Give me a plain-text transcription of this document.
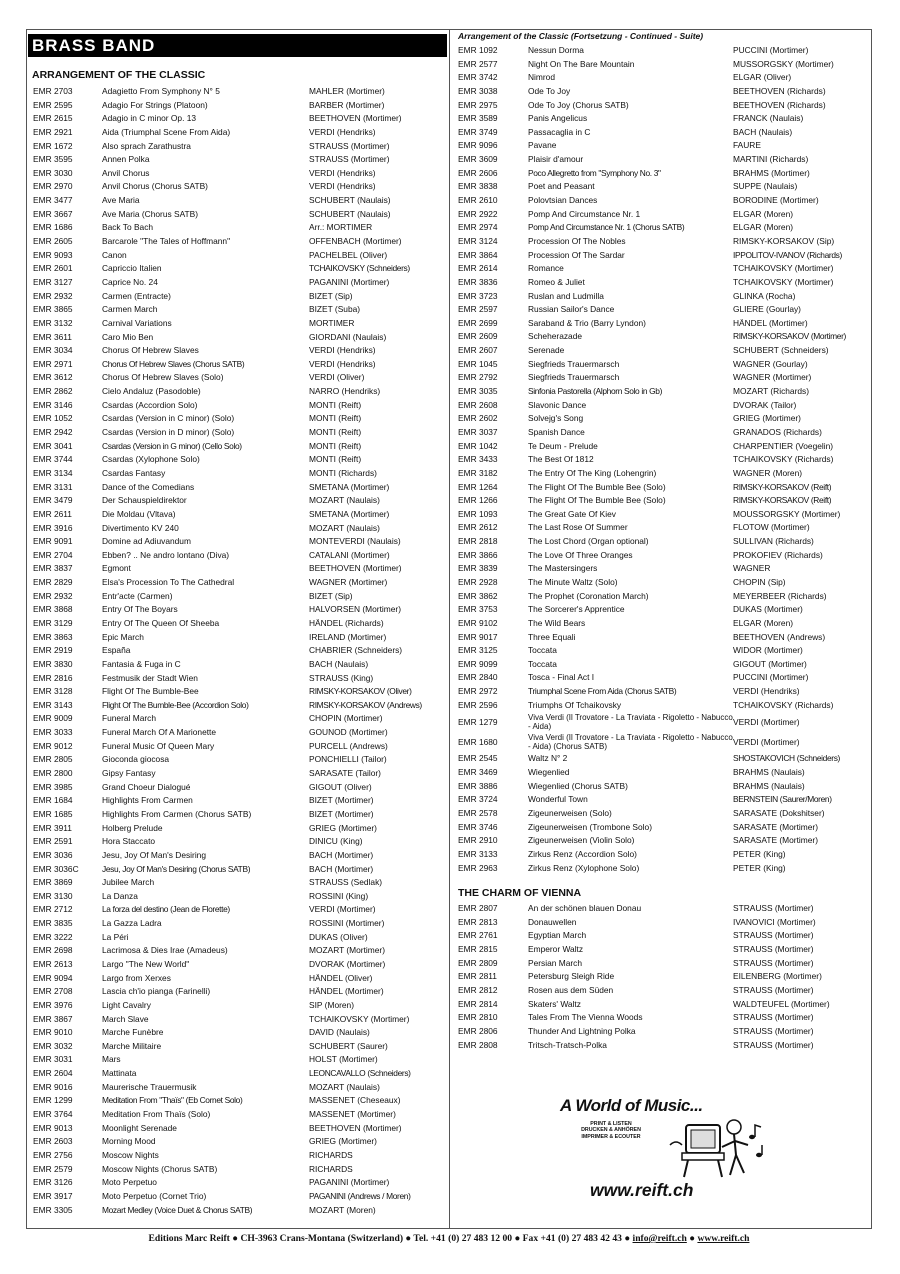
BRASS BAND
ARRANGEMENT OF THE CLASSIC
EMR 2703	Adagietto From Symphony N° 5	MAHLER (Mortimer)
EMR 2595	Adagio For Strings (Platoon)	BARBER (Mortimer)
EMR 2615	Adagio in C minor Op. 13	BEETHOVEN (Mortimer)
EMR 2921	Aida (Triumphal Scene From Aida)	VERDI (Hendriks)
EMR 1672	Also sprach Zarathustra	STRAUSS (Mortimer)
EMR 3595	Annen Polka	STRAUSS (Mortimer)
EMR 3030	Anvil Chorus	VERDI (Hendriks)
EMR 2970	Anvil Chorus (Chorus SATB)	VERDI (Hendriks)
EMR 3477	Ave Maria	SCHUBERT (Naulais)
EMR 3667	Ave Maria (Chorus SATB)	SCHUBERT (Naulais)
EMR 1686	Back To Bach	Arr.: MORTIMER
EMR 2605	Barcarole "The Tales of Hoffmann"	OFFENBACH (Mortimer)
EMR 9093	Canon	PACHELBEL (Oliver)
EMR 2601	Capriccio Italien	TCHAIKOVSKY (Schneiders)
EMR 3127	Caprice No. 24	PAGANINI (Mortimer)
EMR 2932	Carmen (Entracte)	BIZET (Sip)
EMR 3865	Carmen March	BIZET (Suba)
EMR 3132	Carnival Variations	MORTIMER
EMR 3611	Caro Mio Ben	GIORDANI (Naulais)
EMR 3034	Chorus Of Hebrew Slaves	VERDI (Hendriks)
EMR 2971	Chorus Of Hebrew Slaves (Chorus SATB)	VERDI (Hendriks)
EMR 3612	Chorus Of Hebrew Slaves (Solo)	VERDI (Oliver)
EMR 2862	Cielo Andaluz (Pasodoble)	NARRO (Hendriks)
EMR 3146	Csardas (Accordion Solo)	MONTI (Reift)
EMR 1052	Csardas (Version in C minor) (Solo)	MONTI (Reift)
EMR 2942	Csardas (Version in D minor) (Solo)	MONTI (Reift)
EMR 3041	Csardas (Version in G minor) (Cello Solo)	MONTI (Reift)
EMR 3744	Csardas (Xylophone Solo)	MONTI (Reift)
EMR 3134	Csardas Fantasy	MONTI (Richards)
EMR 3131	Dance of the Comedians	SMETANA (Mortimer)
EMR 3479	Der Schauspieldirektor	MOZART (Naulais)
EMR 2611	Die Moldau (Vltava)	SMETANA (Mortimer)
EMR 3916	Divertimento KV 240	MOZART (Naulais)
EMR 9091	Domine ad Adiuvandum	MONTEVERDI (Naulais)
EMR 2704	Ebben? .. Ne andro lontano (Diva)	CATALANI (Mortimer)
EMR 3837	Egmont	BEETHOVEN (Mortimer)
EMR 2829	Elsa's Procession To The Cathedral	WAGNER (Mortimer)
EMR 2932	Entr'acte (Carmen)	BIZET (Sip)
EMR 3868	Entry Of The Boyars	HALVORSEN (Mortimer)
EMR 3129	Entry Of The Queen Of Sheeba	HÄNDEL (Richards)
EMR 3863	Epic March	IRELAND (Mortimer)
EMR 2919	España	CHABRIER (Schneiders)
EMR 3830	Fantasia & Fuga in C	BACH (Naulais)
EMR 2816	Festmusik der Stadt Wien	STRAUSS (King)
EMR 3128	Flight Of The Bumble-Bee	RIMSKY-KORSAKOV (Oliver)
EMR 3143	Flight Of The Bumble-Bee (Accordion Solo)	RIMSKY-KORSAKOV (Andrews)
EMR 9009	Funeral March	CHOPIN (Mortimer)
EMR 3033	Funeral March Of A Marionette	GOUNOD (Mortimer)
EMR 9012	Funeral Music Of Queen Mary	PURCELL (Andrews)
EMR 2805	Gioconda giocosa	PONCHIELLI (Tailor)
EMR 2800	Gipsy Fantasy	SARASATE (Tailor)
EMR 3985	Grand Choeur Dialogué	GIGOUT (Oliver)
EMR 1684	Highlights From Carmen	BIZET (Mortimer)
EMR 1685	Highlights From Carmen (Chorus SATB)	BIZET (Mortimer)
EMR 3911	Holberg Prelude	GRIEG (Mortimer)
EMR 2591	Hora Staccato	DINICU (King)
EMR 3036	Jesu, Joy Of Man's Desiring	BACH (Mortimer)
EMR 3036C	Jesu, Joy Of Man's Desiring (Chorus SATB)	BACH (Mortimer)
EMR 3869	Jubilee March	STRAUSS (Sedlak)
EMR 3130	La Danza	ROSSINI (King)
EMR 2712	La forza del destino (Jean de Florette)	VERDI (Mortimer)
EMR 3835	La Gazza Ladra	ROSSINI (Mortimer)
EMR 3222	La Péri	DUKAS (Oliver)
EMR 2698	Lacrimosa & Dies Irae (Amadeus)	MOZART (Mortimer)
EMR 2613	Largo "The New World"	DVORAK (Mortimer)
EMR 9094	Largo from Xerxes	HÄNDEL (Oliver)
EMR 2708	Lascia ch'io pianga (Farinelli)	HÄNDEL (Mortimer)
EMR 3976	Light Cavalry	SIP (Moren)
EMR 3867	March Slave	TCHAIKOVSKY (Mortimer)
EMR 9010	Marche Funèbre	DAVID (Naulais)
EMR 3032	Marche Militaire	SCHUBERT (Saurer)
EMR 3031	Mars	HOLST (Mortimer)
EMR 2604	Mattinata	LEONCAVALLO (Schneiders)
EMR 9016	Maurerische Trauermusik	MOZART (Naulais)
EMR 1299	Meditation From "Thaïs" (Eb Cornet Solo)	MASSENET (Cheseaux)
EMR 3764	Meditation From Thaïs (Solo)	MASSENET (Mortimer)
EMR 9013	Moonlight Serenade	BEETHOVEN (Mortimer)
EMR 2603	Morning Mood	GRIEG (Mortimer)
EMR 2756	Moscow Nights	RICHARDS
EMR 2579	Moscow Nights (Chorus SATB)	RICHARDS
EMR 3126	Moto Perpetuo	PAGANINI (Mortimer)
EMR 3917	Moto Perpetuo (Cornet Trio)	PAGANINI (Andrews / Moren)
EMR 3305	Mozart Medley (Voice Duet & Chorus SATB)	MOZART (Moren)
Arrangement of the Classic (Fortsetzung - Continued - Suite)
EMR 1092	Nessun Dorma	PUCCINI (Mortimer)
EMR 2577	Night On The Bare Mountain	MUSSORGSKY (Mortimer)
EMR 3742	Nimrod	ELGAR (Oliver)
EMR 3038	Ode To Joy	BEETHOVEN (Richards)
EMR 2975	Ode To Joy (Chorus SATB)	BEETHOVEN (Richards)
EMR 3589	Panis Angelicus	FRANCK (Naulais)
EMR 3749	Passacaglia in C	BACH (Naulais)
EMR 9096	Pavane	FAURE
EMR 3609	Plaisir d'amour	MARTINI (Richards)
EMR 2606	Poco Allegretto from "Symphony No. 3"	BRAHMS (Mortimer)
EMR 3838	Poet and Peasant	SUPPE (Naulais)
EMR 2610	Polovtsian Dances	BORODINE (Mortimer)
EMR 2922	Pomp And Circumstance Nr. 1	ELGAR (Moren)
EMR 2974	Pomp And Circumstance Nr. 1 (Chorus SATB)	ELGAR (Moren)
EMR 3124	Procession Of The Nobles	RIMSKY-KORSAKOV (Sip)
EMR 3864	Procession Of The Sardar	IPPOLITOV-IVANOV (Richards)
EMR 2614	Romance	TCHAIKOVSKY (Mortimer)
EMR 3836	Romeo & Juliet	TCHAIKOVSKY (Mortimer)
EMR 3723	Ruslan and Ludmilla	GLINKA (Rocha)
EMR 2597	Russian Sailor's Dance	GLIERE (Gourlay)
EMR 2699	Saraband & Trio (Barry Lyndon)	HÄNDEL (Mortimer)
EMR 2609	Scheherazade	RIMSKY-KORSAKOV (Mortimer)
EMR 2607	Serenade	SCHUBERT (Schneiders)
EMR 1045	Siegfrieds Trauermarsch	WAGNER (Gourlay)
EMR 2792	Siegfrieds Trauermarsch	WAGNER (Mortimer)
EMR 3035	Sinfonia Pastorella (Alphorn Solo in Gb)	MOZART (Richards)
EMR 2608	Slavonic Dance	DVORAK (Tailor)
EMR 2602	Solvejg's Song	GRIEG (Mortimer)
EMR 3037	Spanish Dance	GRANADOS (Richards)
EMR 1042	Te Deum - Prelude	CHARPENTIER (Voegelin)
EMR 3433	The Best Of 1812	TCHAIKOVSKY (Richards)
EMR 3182	The Entry Of The King (Lohengrin)	WAGNER (Moren)
EMR 1264	The Flight Of The Bumble Bee (Solo)	RIMSKY-KORSAKOV (Reift)
EMR 1266	The Flight Of The Bumble Bee (Solo)	RIMSKY-KORSAKOV (Reift)
EMR 1093	The Great Gate Of Kiev	MOUSSORGSKY (Mortimer)
EMR 2612	The Last Rose Of Summer	FLOTOW (Mortimer)
EMR 2818	The Lost Chord (Organ optional)	SULLIVAN (Richards)
EMR 3866	The Love Of Three Oranges	PROKOFIEV (Richards)
EMR 3839	The Mastersingers	WAGNER
EMR 2928	The Minute Waltz (Solo)	CHOPIN (Sip)
EMR 3862	The Prophet (Coronation March)	MEYERBEER (Richards)
EMR 3753	The Sorcerer's Apprentice	DUKAS (Mortimer)
EMR 9102	The Wild Bears	ELGAR (Moren)
EMR 9017	Three Equali	BEETHOVEN (Andrews)
EMR 3125	Toccata	WIDOR (Mortimer)
EMR 9099	Toccata	GIGOUT (Mortimer)
EMR 2840	Tosca - Final Act I	PUCCINI (Mortimer)
EMR 2972	Triumphal Scene From Aida (Chorus SATB)	VERDI (Hendriks)
EMR 2596	Triumphs Of Tchaikovsky	TCHAIKOVSKY (Richards)
EMR 1279	Viva Verdi (Il Trovatore - La Traviata - Rigoletto - Nabucco - Aida)
VERDI (Mortimer)
EMR 1680	Viva Verdi (Il Trovatore - La Traviata - Rigoletto - Nabucco - Aida) (Chorus SATB)
VERDI (Mortimer)
EMR 2545	Waltz N° 2	SHOSTAKOVICH (Schneiders)
EMR 3469	Wiegenlied	BRAHMS (Naulais)
EMR 3886	Wiegenlied (Chorus SATB)	BRAHMS (Naulais)
EMR 3724	Wonderful Town	BERNSTEIN (Saurer/Moren)
EMR 2578	Zigeunerweisen (Solo)	SARASATE (Dokshitser)
EMR 3746	Zigeunerweisen (Trombone Solo)	SARASATE (Mortimer)
EMR 2910	Zigeunerweisen (Violin Solo)	SARASATE (Mortimer)
EMR 3133	Zirkus Renz (Accordion Solo)	PETER (King)
EMR 2963	Zirkus Renz (Xylophone Solo)	PETER (King)
THE CHARM OF VIENNA
EMR 2807	An der schönen blauen Donau	STRAUSS (Mortimer)
EMR 2813	Donauwellen	IVANOVICI (Mortimer)
EMR 2761	Egyptian March	STRAUSS (Mortimer)
EMR 2815	Emperor Waltz	STRAUSS (Mortimer)
EMR 2809	Persian March	STRAUSS (Mortimer)
EMR 2811	Petersburg Sleigh Ride	EILENBERG (Mortimer)
EMR 2812	Rosen aus dem Süden	STRAUSS (Mortimer)
EMR 2814	Skaters' Waltz	WALDTEUFEL (Mortimer)
EMR 2810	Tales From The Vienna Woods	STRAUSS (Mortimer)
EMR 2806	Thunder And Lightning Polka	STRAUSS (Mortimer)
EMR 2808	Tritsch-Tratsch-Polka	STRAUSS (Mortimer)
A World of Music...
PRINT & LISTEN
DRUCKEN & ANHÖREN
IMPRIMER & ECOUTER
www.reift.ch
Editions Marc Reift ● CH-3963 Crans-Montana (Switzerland) ● Tel. +41 (0) 27 483 12 00 ● Fax +41 (0) 27 483 42 43 ● info@reift.ch ● www.reift.ch
